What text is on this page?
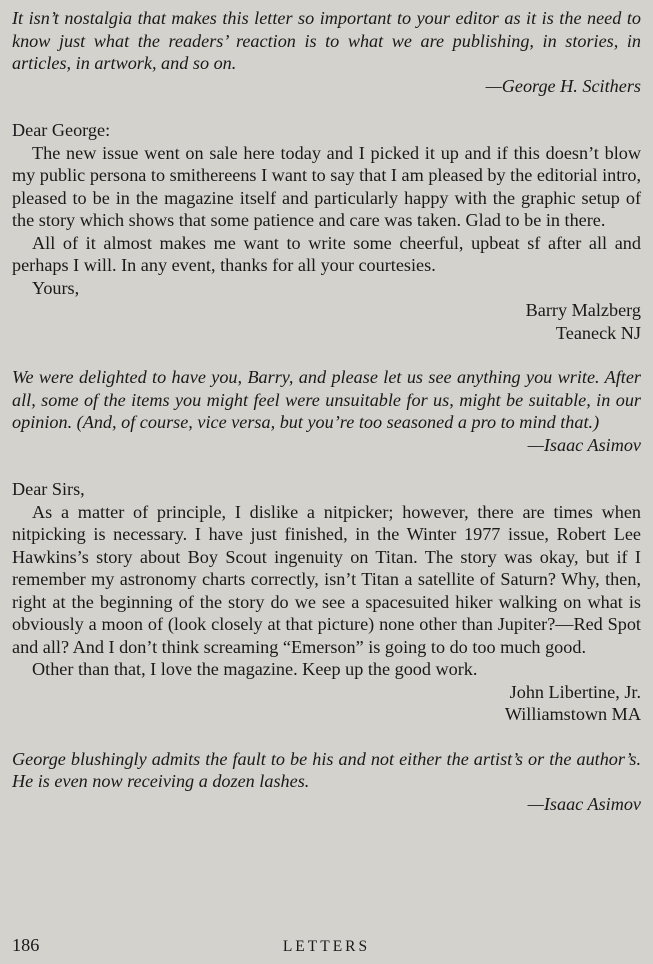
It isn’t nostalgia that makes this letter so important to your editor as it is the need to know just what the readers’ reaction is to what we are publishing, in stories, in articles, in artwork, and so on.

—George H. Scithers

Dear George:

The new issue went on sale here today and I picked it up and if this doesn’t blow my public persona to smithereens I want to say that I am pleased by the editorial intro, pleased to be in the magazine itself and particularly happy with the graphic setup of the story which shows that some patience and care was taken. Glad to be in there.

All of it almost makes me want to write some cheerful, upbeat sf after all and perhaps I will. In any event, thanks for all your courtesies.

Yours,

Barry Malzberg

Teaneck NJ

We were delighted to have you, Barry, and please let us see anything you write. After all, some of the items you might feel were unsuitable for us, might be suitable, in our opinion. (And, of course, vice versa, but you’re too seasoned a pro to mind that.)

—Isaac Asimov

Dear Sirs,

As a matter of principle, I dislike a nitpicker; however, there are times when nitpicking is necessary. I have just finished, in the Winter 1977 issue, Robert Lee Hawkins’s story about Boy Scout ingenuity on Titan. The story was okay, but if I remember my astronomy charts correctly, isn’t Titan a satellite of Saturn? Why, then, right at the beginning of the story do we see a spacesuited hiker walking on what is obviously a moon of (look closely at that picture) none other than Jupiter?—Red Spot and all? And I don’t think screaming “Emerson” is going to do too much good.

Other than that, I love the magazine. Keep up the good work.

John Libertine, Jr.

Williamstown MA

George blushingly admits the fault to be his and not either the artist’s or the author’s. He is even now receiving a dozen lashes.

—Isaac Asimov

186	LETTERS
